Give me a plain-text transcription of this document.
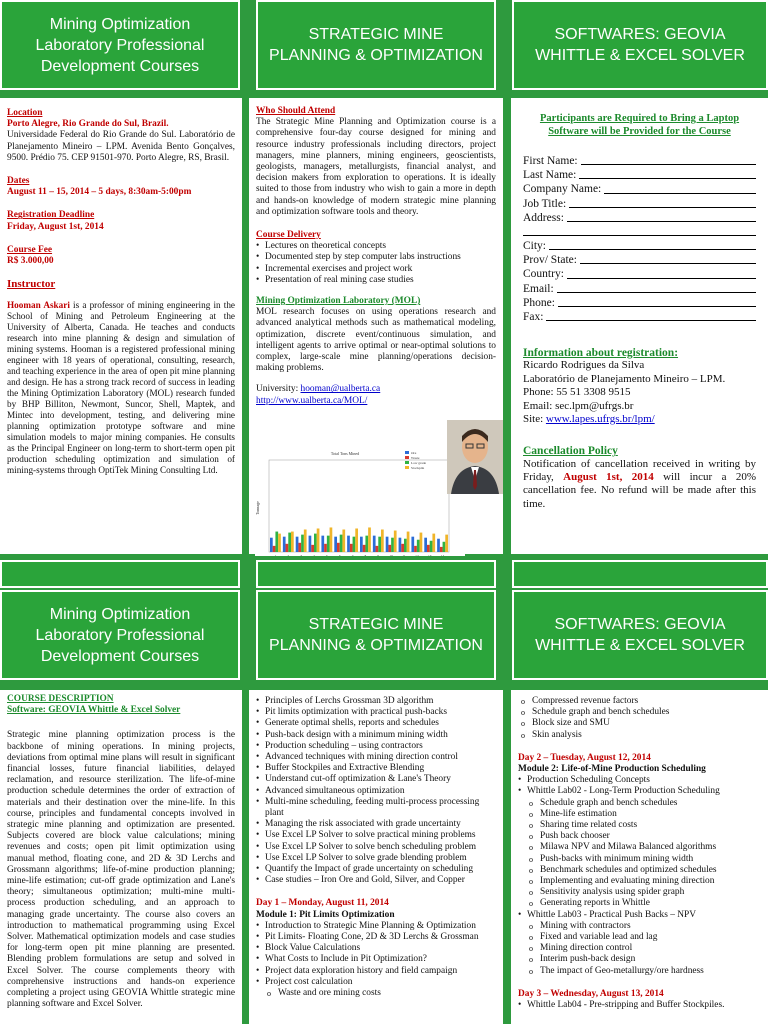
Mining Optimization Laboratory Professional Development Courses
STRATEGIC MINE PLANNING & OPTIMIZATION
SOFTWARES: GEOVIA WHITTLE & EXCEL SOLVER
Location
Porto Alegre, Rio Grande do Sul, Brazil.
Universidade Federal do Rio Grande do Sul. Laboratório de Planejamento Mineiro – LPM. Avenida Bento Gonçalves, 9500. Prédio 75. CEP 91501-970. Porto Alegre, RS, Brasil.
Dates
August 11 – 15, 2014 – 5 days, 8:30am-5:00pm
Registration Deadline
Friday, August 1st, 2014
Course Fee
R$ 3.000,00
Instructor
Hooman Askari is a professor of mining engineering in the School of Mining and Petroleum Engineering at the University of Alberta, Canada. He teaches and conducts research into mine planning & design and simulation of mining systems. Hooman is a registered professional mining engineer with 18 years of operational, consulting, research, and teaching experience in the area of open pit mine planning and design. He has a strong track record of success in leading the Mining Optimization Laboratory (MOL) research funded by BHP Billiton, Newmont, Suncor, Shell, Maptek, and Mintec into development, testing, and delivering mine planning optimization prototype software and mine simulation models to major mining companies. He consults as the Principal Engineer on long-term to short-term open pit production scheduling optimization and simulation of mining-systems through OptiTek Mining Consulting Ltd.
Who Should Attend
The Strategic Mine Planning and Optimization course is a comprehensive four-day course designed for mining and resource industry professionals including directors, project managers, mine planners, mining engineers, geoscientists, geologists, managers, metallurgists, financial analyst, and decision makers from exploration to operations. It is ideally suited to those from industry who wish to gain a more in depth and hands-on knowledge of modern strategic mine planning and optimization software tools and theory.
Course Delivery
• Lectures on theoretical concepts
• Documented step by step computer labs instructions
• Incremental exercises and project work
• Presentation of real mining case studies
Mining Optimization Laboratory (MOL)
MOL research focuses on using operations research and advanced analytical methods such as mathematical modeling, optimization, discrete event/continuous simulation, and intelligent agents to arrive optimal or near-optimal solutions to complex, large-scale mine planning/operations decision-making problems.
University: hooman@ualberta.ca
http://www.ualberta.ca/MOL/
Total Tons Mined
Tonnage
Ore
Waste
Low grade
Stockpile
Participants are Required to Bring a Laptop Software will be Provided for the Course
First Name:
Last Name:
Company Name:
Job Title:
Address:
City:
Prov/ State:
Country:
Email:
Phone:
Fax:
Information about registration:
Ricardo Rodrigues da Silva
Laboratório de Planejamento Mineiro – LPM.
Phone: 55 51 3308 9515
Email: sec.lpm@ufrgs.br
Site: www.lapes.ufrgs.br/lpm/
Cancellation Policy
Notification of cancellation received in writing by Friday, August 1st, 2014 will incur a 20% cancellation fee. No refund will be made after this time.
Mining Optimization Laboratory Professional Development Courses
STRATEGIC MINE PLANNING & OPTIMIZATION
SOFTWARES: GEOVIA WHITTLE & EXCEL SOLVER
COURSE DESCRIPTION
Software: GEOVIA Whittle & Excel Solver
Strategic mine planning optimization process is the backbone of mining operations. In mining projects, deviations from optimal mine plans will result in significant financial losses, future financial liabilities, delayed reclamation, and resource sterilization. The life-of-mine production schedule determines the order of extraction of materials and their destination over the mine-life. In this course, principles and fundamental concepts involved in strategic mine planning and optimization are presented. Subjects covered are block value calculations; mining revenues and costs; open pit limit optimization using manual method, floating cone, and 2D & 3D Lerchs and Grossmann algorithms; life-of-mine production planning; mine-life estimation; cut-off grade optimization and Lane's theory; simultaneous optimization; multi-mine multi-process production scheduling, and an approach to managing grade uncertainty. The course also covers an introduction to mathematical programming using Excel Solver. Mathematical optimization models and case studies for long-term open pit mine planning are presented. Blending problem formulations are setup and solved in Excel Solver. The course complements theory with comprehensive instructions and hands-on experience completing a project using GEOVIA Whittle strategic mine planning software and Excel Solver.
• Principles of Lerchs Grossman 3D algorithm
• Pit limits optimization with practical push-backs
• Generate optimal shells, reports and schedules
• Push-back design with a minimum mining width
• Production scheduling – using contractors
• Advanced techniques with mining direction control
• Buffer Stockpiles and Extractive Blending
• Understand cut-off optimization & Lane's Theory
• Advanced simultaneous optimization
• Multi-mine scheduling, feeding multi-process processing plant
• Managing the risk associated with grade uncertainty
• Use Excel LP Solver to solve practical mining problems
• Use Excel LP Solver to solve bench scheduling problem
• Use Excel LP Solver to solve grade blending problem
• Quantify the Impact of grade uncertainty on scheduling
• Case studies – Iron Ore and Gold, Silver, and Copper
Day 1 – Monday, August 11, 2014
Module 1: Pit Limits Optimization
• Introduction to Strategic Mine Planning & Optimization
• Pit Limits- Floating Cone, 2D & 3D Lerchs & Grossman
• Block Value Calculations
• What Costs to Include in Pit Optimization?
• Project data exploration history and field campaign
• Project cost calculation
o Waste and ore mining costs
o Compressed revenue factors
o Schedule graph and bench schedules
o Block size and SMU
o Skin analysis
Day 2 – Tuesday, August 12, 2014
Module 2: Life-of-Mine Production Scheduling
• Production Scheduling Concepts
• Whittle Lab02 - Long-Term Production Scheduling
o Schedule graph and bench schedules
o Mine-life estimation
o Sharing time related costs
o Push back chooser
o Milawa NPV and Milawa Balanced algorithms
o Push-backs with minimum mining width
o Benchmark schedules and optimized schedules
o Implementing and evaluating mining direction
o Sensitivity analysis using spider graph
o Generating reports in Whittle
• Whittle Lab03 - Practical Push Backs – NPV
o Mining with contractors
o Fixed and variable lead and lag
o Mining direction control
o Interim push-back design
o The impact of Geo-metallurgy/ore hardness
Day 3 – Wednesday, August 13, 2014
• Whittle Lab04 - Pre-stripping and Buffer Stockpiles.
